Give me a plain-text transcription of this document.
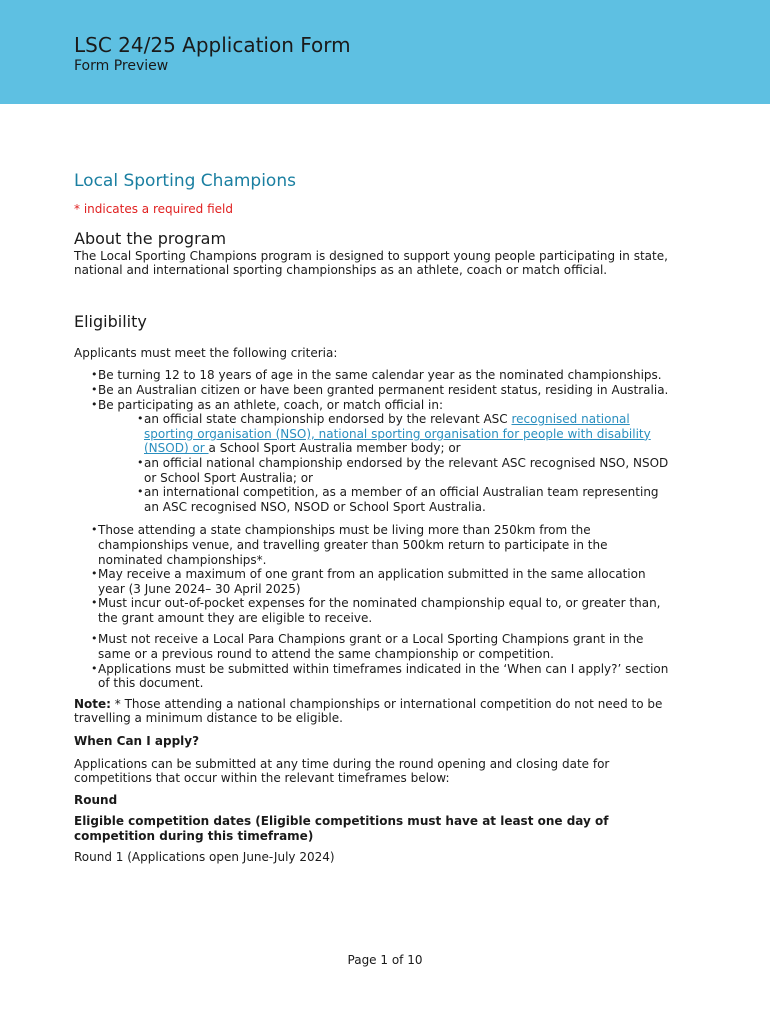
LSC 24/25 Application Form
Form Preview

Local Sporting Champions

* indicates a required field

About the program

The Local Sporting Champions program is designed to support young people participating in state, national and international sporting championships as an athlete, coach or match official.

Eligibility

Applicants must meet the following criteria:

• Be turning 12 to 18 years of age in the same calendar year as the nominated championships.
• Be an Australian citizen or have been granted permanent resident status, residing in Australia.
• Be participating as an athlete, coach, or match official in:
• an official state championship endorsed by the relevant ASC recognised national sporting organisation (NSO), national sporting organisation for people with disability (NSOD) or a School Sport Australia member body; or
• an official national championship endorsed by the relevant ASC recognised NSO, NSOD or School Sport Australia; or
• an international competition, as a member of an official Australian team representing an ASC recognised NSO, NSOD or School Sport Australia.
• Those attending a state championships must be living more than 250km from the championships venue, and travelling greater than 500km return to participate in the nominated championships*.
• May receive a maximum of one grant from an application submitted in the same allocation year (3 June 2024– 30 April 2025)
• Must incur out-of-pocket expenses for the nominated championship equal to, or greater than, the grant amount they are eligible to receive.
• Must not receive a Local Para Champions grant or a Local Sporting Champions grant in the same or a previous round to attend the same championship or competition.
• Applications must be submitted within timeframes indicated in the ‘When can I apply?’ section of this document.

Note: * Those attending a national championships or international competition do not need to be travelling a minimum distance to be eligible.

When Can I apply?

Applications can be submitted at any time during the round opening and closing date for competitions that occur within the relevant timeframes below:

Round

Eligible competition dates (Eligible competitions must have at least one day of competition during this timeframe)

Round 1 (Applications open June-July 2024)

Page 1 of 10
